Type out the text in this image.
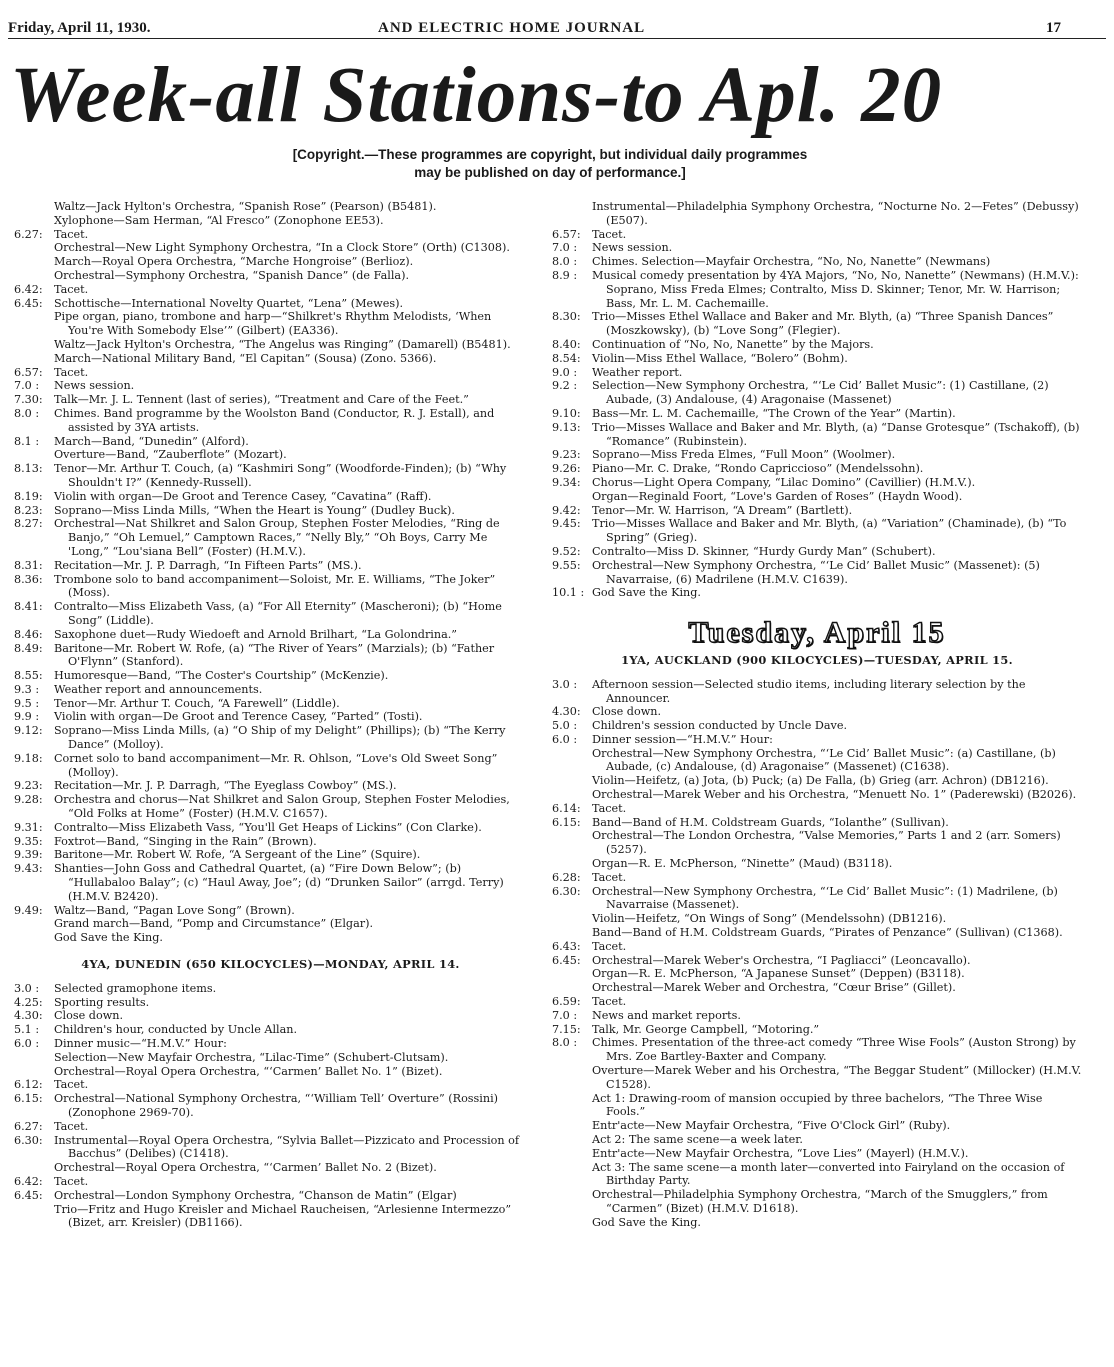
Friday, April 11, 1930.	AND ELECTRIC HOME JOURNAL	17
Week-all Stations-to Apl. 20
[Copyright.—These programmes are copyright, but individual daily programmes may be published on day of performance.]
Waltz—Jack Hylton's Orchestra, “Spanish Rose” (Pearson) (B5481).
Xylophone—Sam Herman, “Al Fresco” (Zonophone EE53).
6.27:	Tacet.
Orchestral—New Light Symphony Orchestra, “In a Clock Store” (Orth) (C1308).
March—Royal Opera Orchestra, “Marche Hongroise” (Berlioz).
Orchestral—Symphony Orchestra, “Spanish Dance” (de Falla).
6.42:	Tacet.
6.45:	Schottische—International Novelty Quartet, “Lena” (Mewes).
Pipe organ, piano, trombone and harp—“Shilkret's Rhythm Melodists, ‘When You're With Somebody Else’” (Gilbert) (EA336).
Waltz—Jack Hylton's Orchestra, “The Angelus was Ringing” (Damarell) (B5481).
March—National Military Band, “El Capitan” (Sousa) (Zono. 5366).
6.57:	Tacet.
7.0 :	News session.
7.30:	Talk—Mr. J. L. Tennent (last of series), “Treatment and Care of the Feet.”
8.0 :	Chimes. Band programme by the Woolston Band (Conductor, R. J. Estall), and assisted by 3YA artists.
8.1 :	March—Band, “Dunedin” (Alford).
Overture—Band, “Zauberflote” (Mozart).
8.13:	Tenor—Mr. Arthur T. Couch, (a) “Kashmiri Song” (Woodforde-Finden); (b) “Why Shouldn't I?” (Kennedy-Russell).
8.19:	Violin with organ—De Groot and Terence Casey, “Cavatina” (Raff).
8.23:	Soprano—Miss Linda Mills, “When the Heart is Young” (Dudley Buck).
8.27:	Orchestral—Nat Shilkret and Salon Group, Stephen Foster Melodies, “Ring de Banjo,” “Oh Lemuel,” Camptown Races,” “Nelly Bly,” “Oh Boys, Carry Me 'Long,” “Lou'siana Bell” (Foster) (H.M.V.).
8.31:	Recitation—Mr. J. P. Darragh, “In Fifteen Parts” (MS.).
8.36:	Trombone solo to band accompaniment—Soloist, Mr. E. Williams, “The Joker” (Moss).
8.41:	Contralto—Miss Elizabeth Vass, (a) “For All Eternity” (Mascheroni); (b) “Home Song” (Liddle).
8.46:	Saxophone duet—Rudy Wiedoeft and Arnold Brilhart, “La Golondrina.”
8.49:	Baritone—Mr. Robert W. Rofe, (a) “The River of Years” (Marzials); (b) “Father O'Flynn” (Stanford).
8.55:	Humoresque—Band, “The Coster's Courtship” (McKenzie).
9.3 :	Weather report and announcements.
9.5 :	Tenor—Mr. Arthur T. Couch, “A Farewell” (Liddle).
9.9 :	Violin with organ—De Groot and Terence Casey, “Parted” (Tosti).
9.12:	Soprano—Miss Linda Mills, (a) “O Ship of my Delight” (Phillips); (b) “The Kerry Dance” (Molloy).
9.18:	Cornet solo to band accompaniment—Mr. R. Ohlson, “Love's Old Sweet Song” (Molloy).
9.23:	Recitation—Mr. J. P. Darragh, “The Eyeglass Cowboy” (MS.).
9.28:	Orchestra and chorus—Nat Shilkret and Salon Group, Stephen Foster Melodies, “Old Folks at Home” (Foster) (H.M.V. C1657).
9.31:	Contralto—Miss Elizabeth Vass, “You'll Get Heaps of Lickins” (Con Clarke).
9.35:	Foxtrot—Band, “Singing in the Rain” (Brown).
9.39:	Baritone—Mr. Robert W. Rofe, “A Sergeant of the Line” (Squire).
9.43:	Shanties—John Goss and Cathedral Quartet, (a) “Fire Down Below”; (b) “Hullabaloo Balay”; (c) “Haul Away, Joe”; (d) “Drunken Sailor” (arrgd. Terry) (H.M.V. B2420).
9.49:	Waltz—Band, “Pagan Love Song” (Brown).
Grand march—Band, “Pomp and Circumstance” (Elgar).
God Save the King.
4YA, DUNEDIN (650 KILOCYCLES)—MONDAY, APRIL 14.
3.0 :	Selected gramophone items.
4.25:	Sporting results.
4.30:	Close down.
5.1 :	Children's hour, conducted by Uncle Allan.
6.0 :	Dinner music—“H.M.V.” Hour:
Selection—New Mayfair Orchestra, “Lilac-Time” (Schubert-Clutsam).
Orchestral—Royal Opera Orchestra, “‘Carmen’ Ballet No. 1” (Bizet).
6.12:	Tacet.
6.15:	Orchestral—National Symphony Orchestra, “‘William Tell’ Overture” (Rossini) (Zonophone 2969-70).
6.27:	Tacet.
6.30:	Instrumental—Royal Opera Orchestra, “Sylvia Ballet—Pizzicato and Procession of Bacchus” (Delibes) (C1418).
Orchestral—Royal Opera Orchestra, “‘Carmen’ Ballet No. 2 (Bizet).
6.42:	Tacet.
6.45:	Orchestral—London Symphony Orchestra, “Chanson de Matin” (Elgar)
Trio—Fritz and Hugo Kreisler and Michael Raucheisen, “Arlesienne Intermezzo” (Bizet, arr. Kreisler) (DB1166).
Instrumental—Philadelphia Symphony Orchestra, “Nocturne No. 2—Fetes” (Debussy) (E507).
6.57:	Tacet.
7.0 :	News session.
8.0 :	Chimes. Selection—Mayfair Orchestra, “No, No, Nanette” (Newmans)
8.9 :	Musical comedy presentation by 4YA Majors, “No, No, Nanette” (Newmans) (H.M.V.): Soprano, Miss Freda Elmes; Contralto, Miss D. Skinner; Tenor, Mr. W. Harrison; Bass, Mr. L. M. Cachemaille.
8.30:	Trio—Misses Ethel Wallace and Baker and Mr. Blyth, (a) “Three Spanish Dances” (Moszkowsky), (b) “Love Song” (Flegier).
8.40:	Continuation of “No, No, Nanette” by the Majors.
8.54:	Violin—Miss Ethel Wallace, “Bolero” (Bohm).
9.0 :	Weather report.
9.2 :	Selection—New Symphony Orchestra, “‘Le Cid’ Ballet Music”: (1) Castillane, (2) Aubade, (3) Andalouse, (4) Aragonaise (Massenet)
9.10:	Bass—Mr. L. M. Cachemaille, “The Crown of the Year” (Martin).
9.13:	Trio—Misses Wallace and Baker and Mr. Blyth, (a) “Danse Grotesque” (Tschakoff), (b) “Romance” (Rubinstein).
9.23:	Soprano—Miss Freda Elmes, “Full Moon” (Woolmer).
9.26:	Piano—Mr. C. Drake, “Rondo Capriccioso” (Mendelssohn).
9.34:	Chorus—Light Opera Company, “Lilac Domino” (Cavillier) (H.M.V.).
Organ—Reginald Foort, “Love's Garden of Roses” (Haydn Wood).
9.42:	Tenor—Mr. W. Harrison, “A Dream” (Bartlett).
9.45:	Trio—Misses Wallace and Baker and Mr. Blyth, (a) “Variation” (Chaminade), (b) “To Spring” (Grieg).
9.52:	Contralto—Miss D. Skinner, “Hurdy Gurdy Man” (Schubert).
9.55:	Orchestral—New Symphony Orchestra, “‘Le Cid’ Ballet Music” (Massenet): (5) Navarraise, (6) Madrilene (H.M.V. C1639).
10.1 : God Save the King.
Tuesday, April 15
1YA, AUCKLAND (900 KILOCYCLES)—TUESDAY, APRIL 15.
3.0 :	Afternoon session—Selected studio items, including literary selection by the Announcer.
4.30:	Close down.
5.0 :	Children's session conducted by Uncle Dave.
6.0 :	Dinner session—“H.M.V.” Hour:
Orchestral—New Symphony Orchestra, “‘Le Cid’ Ballet Music”: (a) Castillane, (b) Aubade, (c) Andalouse, (d) Aragonaise” (Massenet) (C1638).
Violin—Heifetz, (a) Jota, (b) Puck; (a) De Falla, (b) Grieg (arr. Achron) (DB1216).
Orchestral—Marek Weber and his Orchestra, “Menuett No. 1” (Paderewski) (B2026).
6.14:	Tacet.
6.15:	Band—Band of H.M. Coldstream Guards, “Iolanthe” (Sullivan).
Orchestral—The London Orchestra, “Valse Memories,” Parts 1 and 2 (arr. Somers) (5257).
Organ—R. E. McPherson, “Ninette” (Maud) (B3118).
6.28:	Tacet.
6.30:	Orchestral—New Symphony Orchestra, “‘Le Cid’ Ballet Music”: (1) Madrilene, (b) Navarraise (Massenet).
Violin—Heifetz, “On Wings of Song” (Mendelssohn) (DB1216).
Band—Band of H.M. Coldstream Guards, “Pirates of Penzance” (Sullivan) (C1368).
6.43:	Tacet.
6.45:	Orchestral—Marek Weber's Orchestra, “I Pagliacci” (Leoncavallo).
Organ—R. E. McPherson, “A Japanese Sunset” (Deppen) (B3118).
Orchestral—Marek Weber and Orchestra, “Cœur Brise” (Gillet).
6.59:	Tacet.
7.0 :	News and market reports.
7.15:	Talk, Mr. George Campbell, “Motoring.”
8.0 :	Chimes. Presentation of the three-act comedy “Three Wise Fools” (Auston Strong) by Mrs. Zoe Bartley-Baxter and Company.
Overture—Marek Weber and his Orchestra, “The Beggar Student” (Millocker) (H.M.V. C1528).
Act 1: Drawing-room of mansion occupied by three bachelors, “The Three Wise Fools.”
Entr'acte—New Mayfair Orchestra, “Five O'Clock Girl” (Ruby).
Act 2: The same scene—a week later.
Entr'acte—New Mayfair Orchestra, “Love Lies” (Mayerl) (H.M.V.).
Act 3: The same scene—a month later—converted into Fairyland on the occasion of Birthday Party.
Orchestral—Philadelphia Symphony Orchestra, “March of the Smugglers,” from “Carmen” (Bizet) (H.M.V. D1618).
God Save the King.
